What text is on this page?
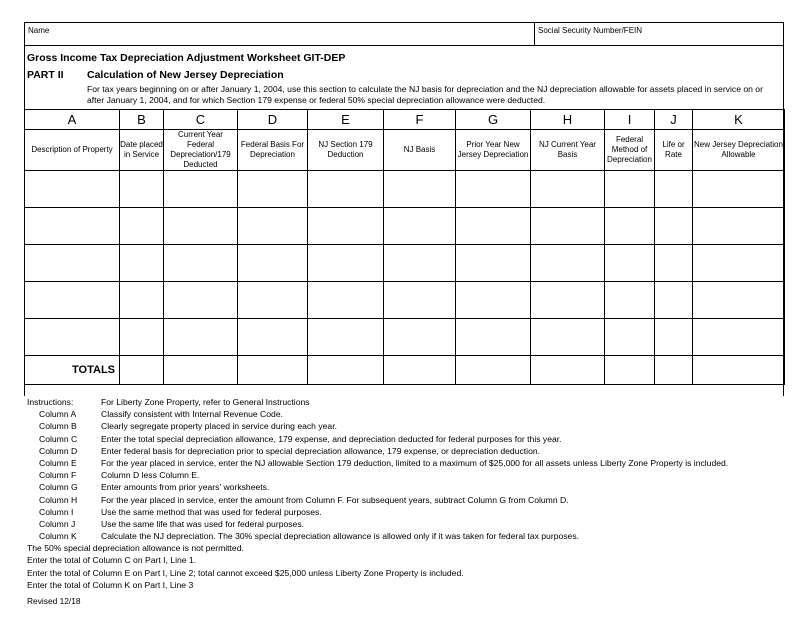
Name	Social Security Number/FEIN
Gross Income Tax Depreciation Adjustment Worksheet GIT-DEP
PART II Calculation of New Jersey Depreciation
For tax years beginning on or after January 1, 2004, use this section to calculate the NJ basis for depreciation and the NJ depreciation allowable for assets placed in service on or after January 1, 2004, and for which Section 179 expense or federal 50% special depreciation allowance were deducted.
A	B	C	D	E	F	G	H	I	J	K
Description of Property	Date placed in Service	Current Year Federal Depreciation/179 Deducted	Federal Basis For Depreciation	NJ Section 179 Deduction	NJ Basis	Prior Year New Jersey Depreciation	NJ Current Year Basis	Federal Method of Depreciation	Life or Rate	New Jersey Depreciation Allowable

TOTALS										
Instructions:	For Liberty Zone Property, refer to General Instructions
Column A	Classify consistent with Internal Revenue Code.
Column B	Clearly segregate property placed in service during each year.
Column C	Enter the total special depreciation allowance, 179 expense, and depreciation deducted for federal purposes for this year.
Column D	Enter federal basis for depreciation prior to special depreciation allowance, 179 expense, or depreciation deduction.
Column E	For the year placed in service, enter the NJ allowable Section 179 deduction, limited to a maximum of $25,000 for all assets unless Liberty Zone Property is included.
Column F	Column D less Column E.
Column G	Enter amounts from prior years' worksheets.
Column H	For the year placed in service, enter the amount from Column F. For subsequent years, subtract Column G from Column D.
Column I	Use the same method that was used for federal purposes.
Column J	Use the same life that was used for federal purposes.
Column K	Calculate the NJ depreciation. The 30% special depreciation allowance is allowed only if it was taken for federal tax purposes.
The 50% special depreciation allowance is not permitted.
Enter the total of Column C on Part I, Line 1.
Enter the total of Column E on Part I, Line 2; total cannot exceed $25,000 unless Liberty Zone Property is included.
Enter the total of Column K on Part I, Line 3
Revised 12/18
